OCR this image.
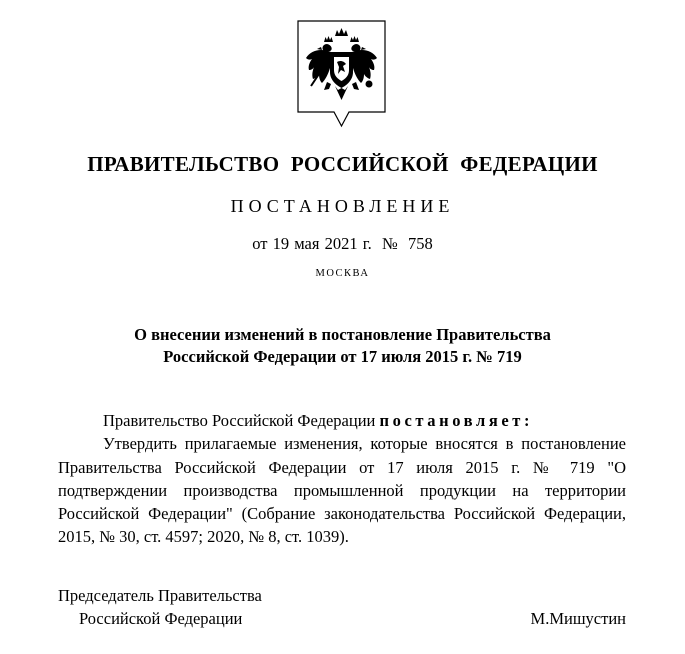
ПРАВИТЕЛЬСТВО РОССИЙСКОЙ ФЕДЕРАЦИИ
ПОСТАНОВЛЕНИЕ
от 19 мая 2021 г.  №  758
МОСКВА
О внесении изменений в постановление Правительства
Российской Федерации от 17 июля 2015 г. № 719

Правительство Российской Федерации постановляет:

Утвердить прилагаемые изменения, которые вносятся в постановление Правительства Российской Федерации от 17 июля 2015 г. № 719 "О подтверждении производства промышленной продукции на территории Российской Федерации" (Собрание законодательства Российской Федерации, 2015, № 30, ст. 4597; 2020, № 8, ст. 1039).

Председатель Правительства
Российской Федерации	М.Мишустин
